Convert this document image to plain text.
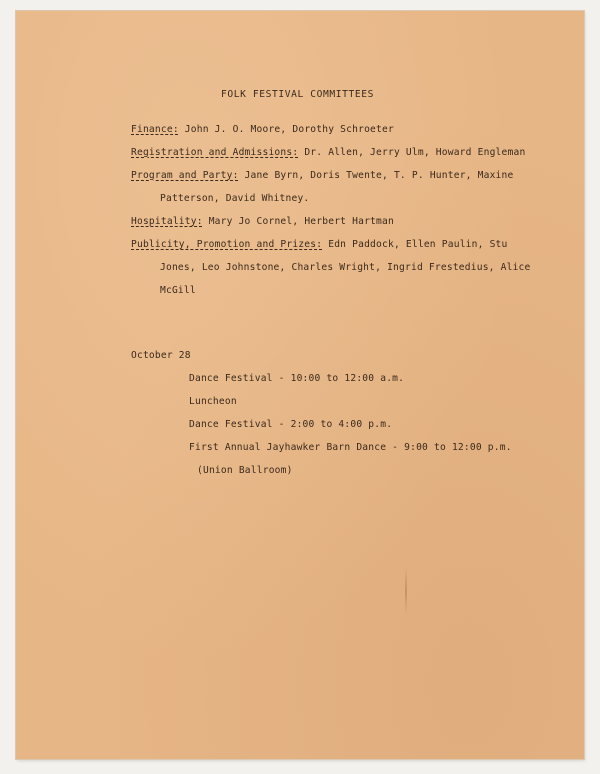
FOLK FESTIVAL COMMITTEES
Finance: John J. O. Moore, Dorothy Schroeter
Registration and Admissions: Dr. Allen, Jerry Ulm, Howard Engleman
Program and Party: Jane Byrn, Doris Twente, T. P. Hunter, Maxine
Patterson, David Whitney.
Hospitality: Mary Jo Cornel, Herbert Hartman
Publicity, Promotion and Prizes: Edn Paddock, Ellen Paulin, Stu
Jones, Leo Johnstone, Charles Wright, Ingrid Frestedius, Alice
McGill
October 28
Dance Festival - 10:00 to 12:00 a.m.
Luncheon
Dance Festival - 2:00 to 4:00 p.m.
First Annual Jayhawker Barn Dance - 9:00 to 12:00 p.m.
(Union Ballroom)
